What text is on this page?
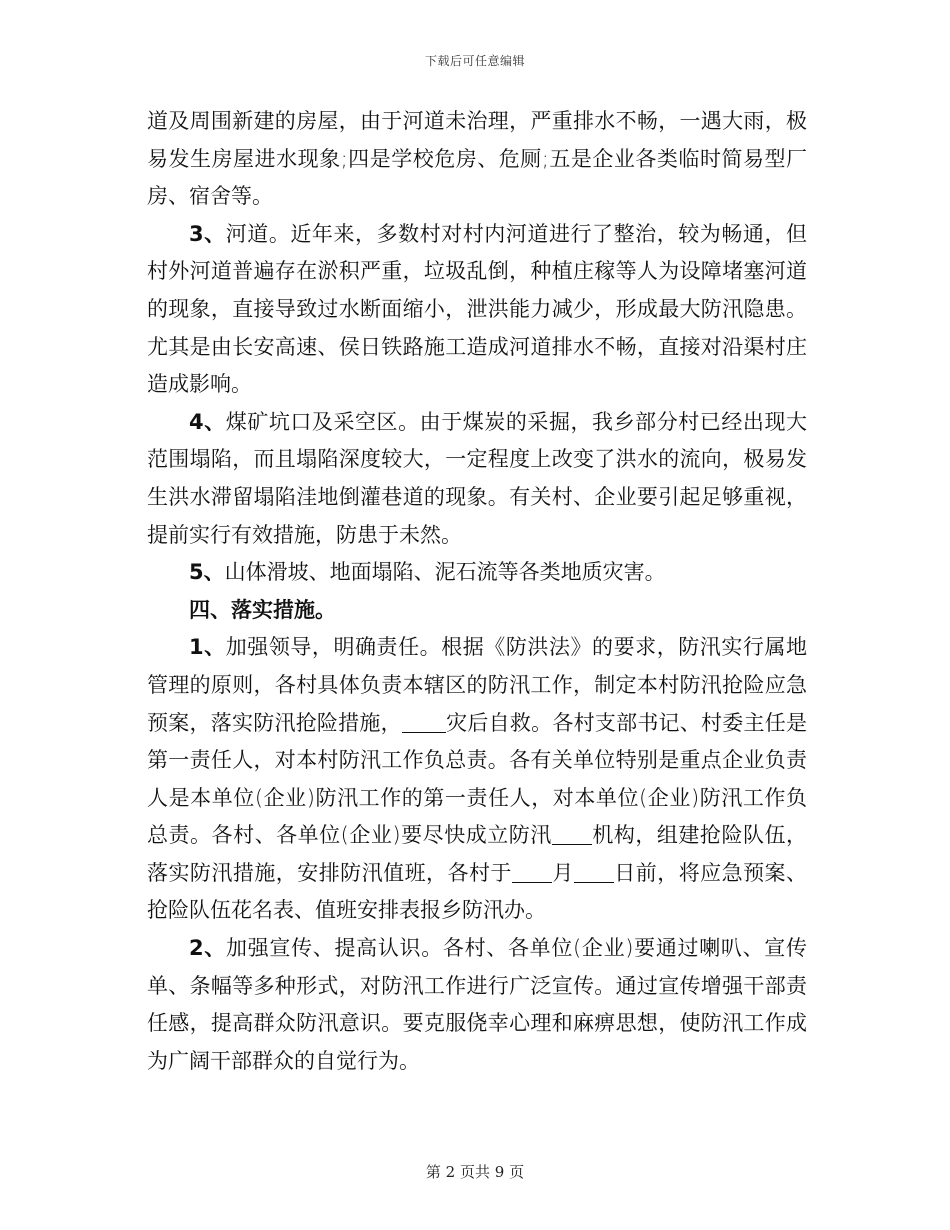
下载后可任意编辑

道及周围新建的房屋，由于河道未治理，严重排水不畅，一遇大雨，极易发生房屋进水现象;四是学校危房、危厕;五是企业各类临时简易型厂房、宿舍等。

3、河道。近年来，多数村对村内河道进行了整治，较为畅通，但村外河道普遍存在淤积严重，垃圾乱倒，种植庄稼等人为设障堵塞河道的现象，直接导致过水断面缩小，泄洪能力减少，形成最大防汛隐患。尤其是由长安高速、侯日铁路施工造成河道排水不畅，直接对沿渠村庄造成影响。

4、煤矿坑口及采空区。由于煤炭的采掘，我乡部分村已经出现大范围塌陷，而且塌陷深度较大，一定程度上改变了洪水的流向，极易发生洪水滞留塌陷洼地倒灌巷道的现象。有关村、企业要引起足够重视，提前实行有效措施，防患于未然。

5、山体滑坡、地面塌陷、泥石流等各类地质灾害。

四、落实措施。

1、加强领导，明确责任。根据《防洪法》的要求，防汛实行属地管理的原则，各村具体负责本辖区的防汛工作，制定本村防汛抢险应急预案，落实防汛抢险措施， 灾后自救。各村支部书记、村委主任是第一责任人，对本村防汛工作负总责。各有关单位特别是重点企业负责人是本单位(企业)防汛工作的第一责任人，对本单位(企业)防汛工作负总责。各村、各单位(企业)要尽快成立防汛 机构，组建抢险队伍，落实防汛措施，安排防汛值班，各村于 月 日前，将应急预案、抢险队伍花名表、值班安排表报乡防汛办。

2、加强宣传、提高认识。各村、各单位(企业)要通过喇叭、宣传单、条幅等多种形式，对防汛工作进行广泛宣传。通过宣传增强干部责任感，提高群众防汛意识。要克服侥幸心理和麻痹思想，使防汛工作成为广阔干部群众的自觉行为。

第 2 页共 9 页
